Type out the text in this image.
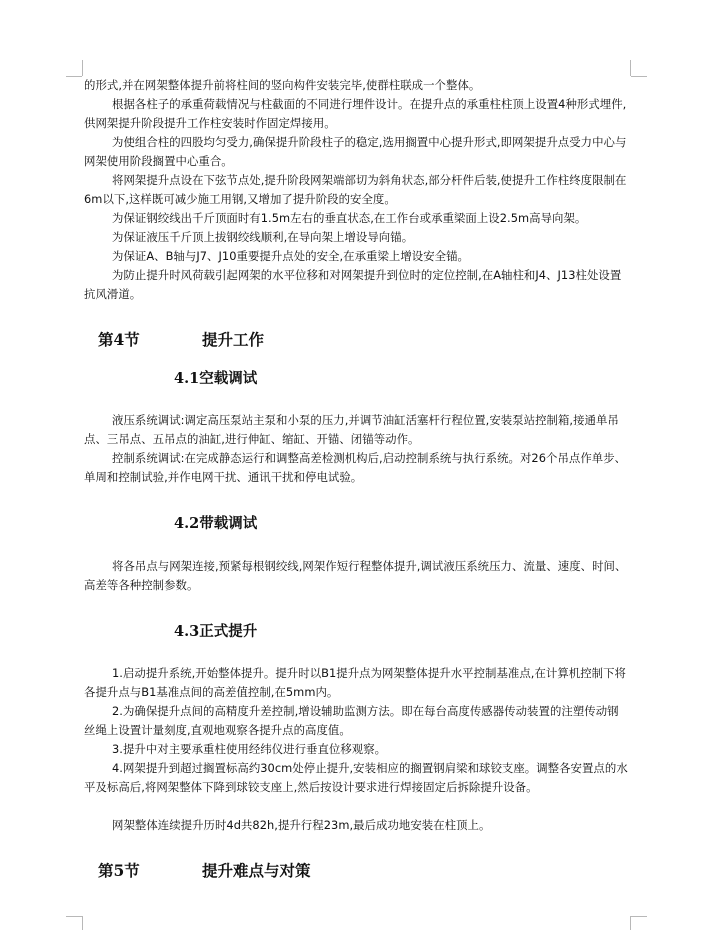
的形式,并在网架整体提升前将柱间的竖向构件安装完毕,使群柱联成一个整体。
根据各柱子的承重荷载情况与柱截面的不同进行埋件设计。在提升点的承重柱柱顶上设置4种形式埋件,供网架提升阶段提升工作柱安装时作固定焊接用。
为使组合柱的四股均匀受力,确保提升阶段柱子的稳定,选用搁置中心提升形式,即网架提升点受力中心与网架使用阶段搁置中心重合。
将网架提升点设在下弦节点处,提升阶段网架端部切为斜角状态,部分杆件后装,使提升工作柱终度限制在6m以下,这样既可减少施工用钢,又增加了提升阶段的安全度。
为保证钢绞线出千斤顶面时有1.5m左右的垂直状态,在工作台或承重梁面上设2.5m高导向架。
为保证液压千斤顶上拔钢绞线顺利,在导向架上增设导向锚。
为保证A、B轴与J7、J10重要提升点处的安全,在承重梁上增设安全锚。
为防止提升时风荷载引起网架的水平位移和对网架提升到位时的定位控制,在A轴柱和J4、J13柱处设置抗风滑道。
第4节	提升工作
4.1空载调试
液压系统调试:调定高压泵站主泵和小泵的压力,并调节油缸活塞杆行程位置,安装泵站控制箱,接通单吊点、三吊点、五吊点的油缸,进行伸缸、缩缸、开锚、闭锚等动作。
控制系统调试:在完成静态运行和调整高差检测机构后,启动控制系统与执行系统。对26个吊点作单步、单周和控制试验,并作电网干扰、通讯干扰和停电试验。
4.2带载调试
将各吊点与网架连接,预紧每根钢绞线,网架作短行程整体提升,调试液压系统压力、流量、速度、时间、高差等各种控制参数。
4.3正式提升
1.启动提升系统,开始整体提升。提升时以B1提升点为网架整体提升水平控制基准点,在计算机控制下将各提升点与B1基准点间的高差值控制,在5mm内。
2.为确保提升点间的高精度升差控制,增设辅助监测方法。即在每台高度传感器传动装置的注塑传动钢丝绳上设置计量刻度,直观地观察各提升点的高度值。
3.提升中对主要承重柱使用经纬仪进行垂直位移观察。
4.网架提升到超过搁置标高约30cm处停止提升,安装相应的搁置钢肩梁和球铰支座。调整各安置点的水平及标高后,将网架整体下降到球铰支座上,然后按设计要求进行焊接固定后拆除提升设备。
网架整体连续提升历时4d共82h,提升行程23m,最后成功地安装在柱顶上。
第5节	提升难点与对策
